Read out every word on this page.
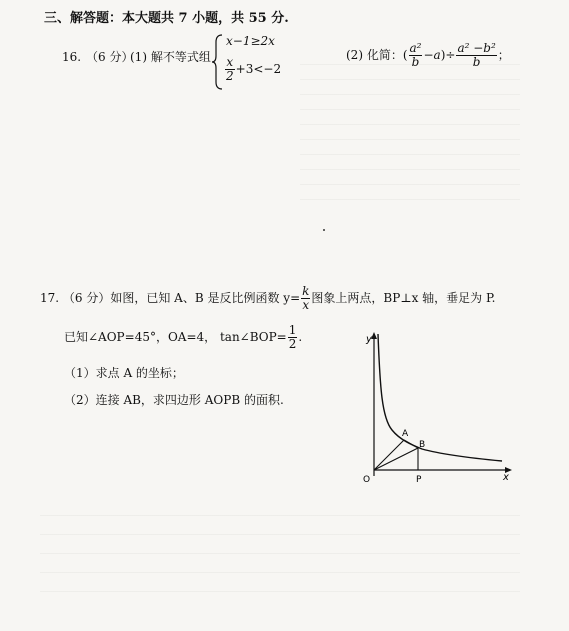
三、解答题：本大题共 7 小题，共 55 分.
16. （6 分）
(1) 解不等式组
x−1≥2x
$\frac{x}{2} +3<-2$
(2) 化简：( $\frac{\text{a²}}{b} -a)\div \frac{\text{a² −b²}}{b}$ ；
17. （6 分）如图，已知 A、B 是反比例函数 $y= \frac{k}{x}$ 图象上两点，BP⊥x 轴，垂足为 P.
已知∠AOP=45°，OA=4， tan∠BOP= $\frac{1}{2}$ .
（1）求点 A 的坐标；
（2）连接 AB，求四边形 AOPB 的面积.
y
x
O
A
B
P
